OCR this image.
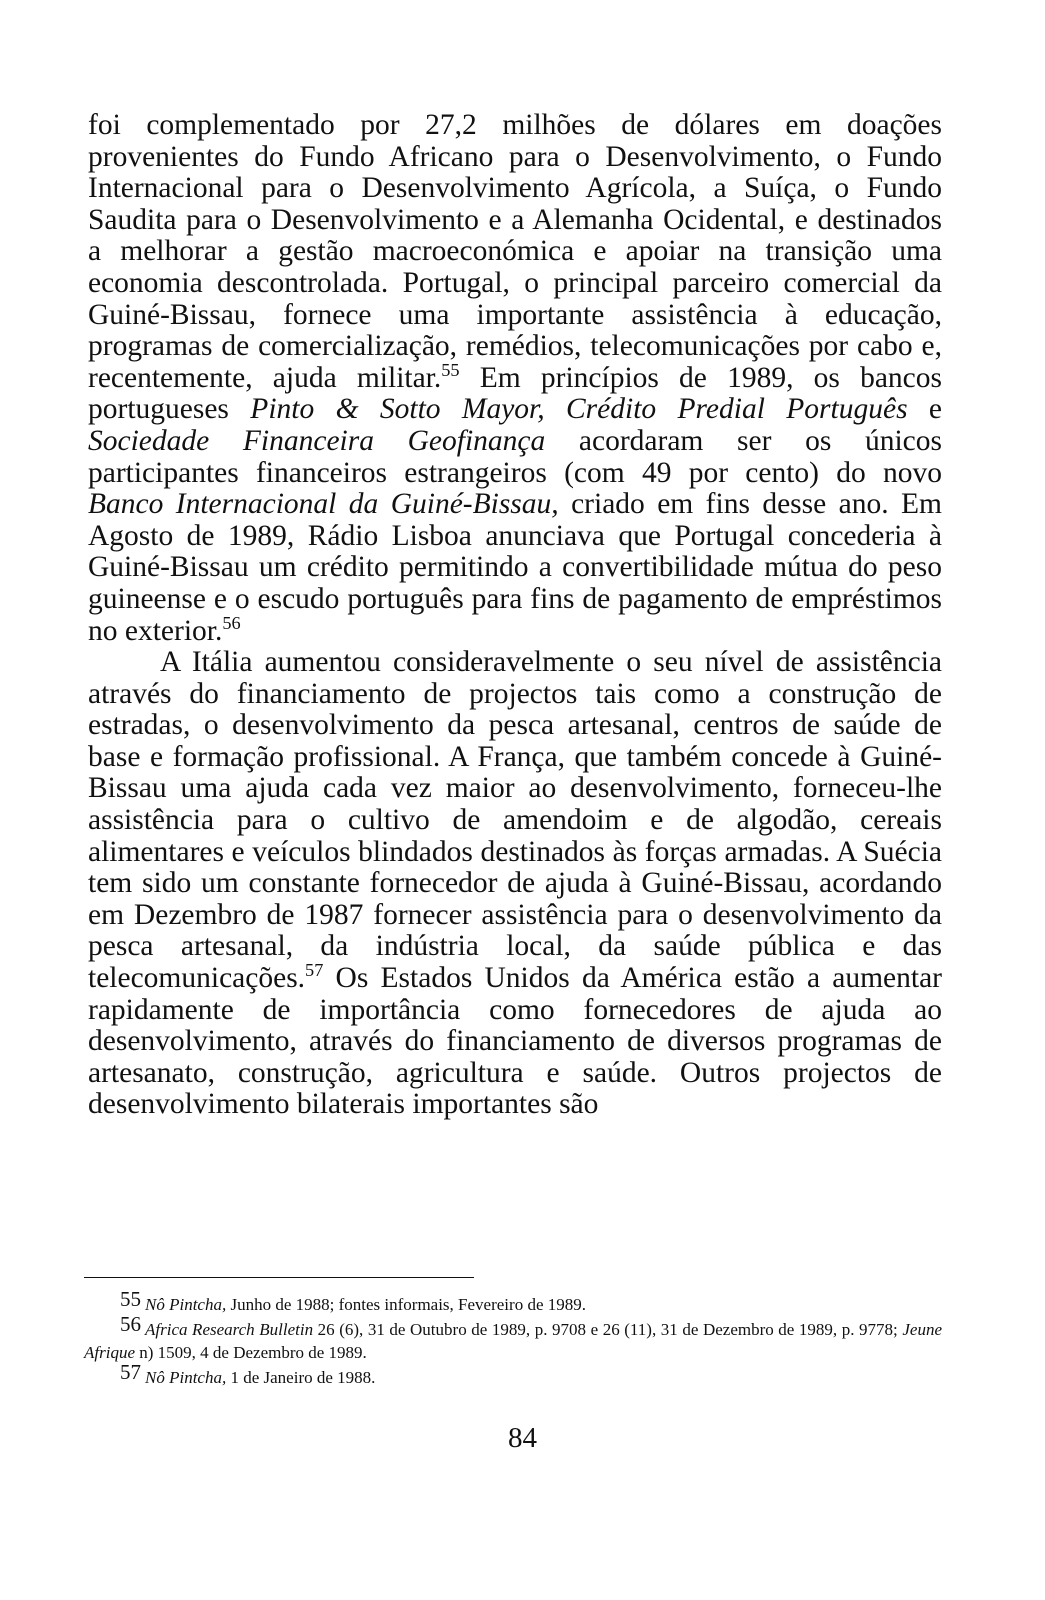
foi complementado por 27,2 milhões de dólares em doações provenientes do Fundo Africano para o Desenvolvimento, o Fundo Internacional para o Desenvolvimento Agrícola, a Suíça, o Fundo Saudita para o Desenvolvimento e a Alemanha Ocidental, e destinados a melhorar a gestão macroeconómica e apoiar na transição uma economia descontrolada. Portugal, o principal parceiro comercial da Guiné-Bissau, fornece uma importante assistência à educação, programas de comercialização, remédios, telecomunicações por cabo e, recentemente, ajuda militar.$^{55}$ Em princípios de 1989, os bancos portugueses Pinto & Sotto Mayor, Crédito Predial Português e Sociedade Financeira Geofinança acordaram ser os únicos participantes financeiros estrangeiros (com 49 por cento) do novo Banco Internacional da Guiné-Bissau, criado em fins desse ano. Em Agosto de 1989, Rádio Lisboa anunciava que Portugal concederia à Guiné-Bissau um crédito permitindo a convertibilidade mútua do peso guineense e o escudo português para fins de pagamento de empréstimos no exterior.$^{56}$

A Itália aumentou consideravelmente o seu nível de assistência através do financiamento de projectos tais como a construção de estradas, o desenvolvimento da pesca artesanal, centros de saúde de base e formação profissional. A França, que também concede à Guiné-Bissau uma ajuda cada vez maior ao desenvolvimento, forneceu-lhe assistência para o cultivo de amendoim e de algodão, cereais alimentares e veículos blindados destinados às forças armadas. A Suécia tem sido um constante fornecedor de ajuda à Guiné-Bissau, acordando em Dezembro de 1987 fornecer assistência para o desenvolvimento da pesca artesanal, da indústria local, da saúde pública e das telecomunicações.$^{57}$ Os Estados Unidos da América estão a aumentar rapidamente de importância como fornecedores de ajuda ao desenvolvimento, através do financiamento de diversos programas de artesanato, construção, agricultura e saúde. Outros projectos de desenvolvimento bilaterais importantes são

55 Nô Pintcha, Junho de 1988; fontes informais, Fevereiro de 1989.

56 Africa Research Bulletin 26 (6), 31 de Outubro de 1989, p. 9708 e 26 (11), 31 de Dezembro de 1989, p. 9778; Jeune Afrique n) 1509, 4 de Dezembro de 1989.

57 Nô Pintcha, 1 de Janeiro de 1988.

84
